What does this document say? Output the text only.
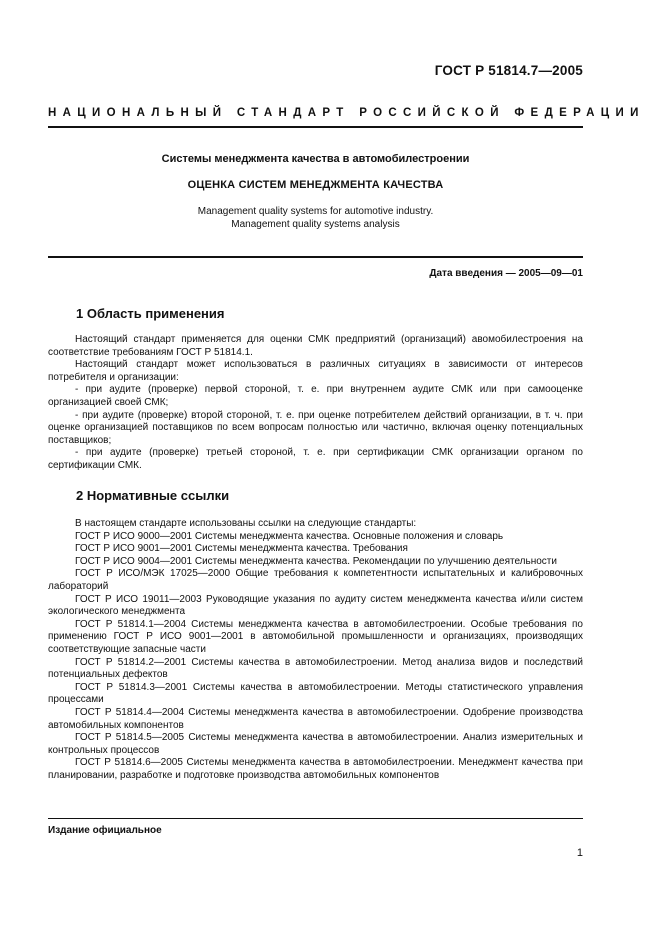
ГОСТ Р 51814.7—2005
НАЦИОНАЛЬНЫЙ СТАНДАРТ РОССИЙСКОЙ ФЕДЕРАЦИИ
Системы менеджмента качества в автомобилестроении
ОЦЕНКА СИСТЕМ МЕНЕДЖМЕНТА КАЧЕСТВА
Management quality systems for automotive industry.
Management quality systems analysis
Дата введения — 2005—09—01
1 Область применения

Настоящий стандарт применяется для оценки СМК предприятий (организаций) авомобилестроения на соответствие требованиям ГОСТ Р 51814.1.

Настоящий стандарт может использоваться в различных ситуациях в зависимости от интересов потребителя и организации:

- при аудите (проверке) первой стороной, т. е. при внутреннем аудите СМК или при самооценке организацией своей СМК;

- при аудите (проверке) второй стороной, т. е. при оценке потребителем действий организации, в т. ч. при оценке организацией поставщиков по всем вопросам полностью или частично, включая оценку потенциальных поставщиков;

- при аудите (проверке) третьей стороной, т. е. при сертификации СМК организации органом по сертификации СМК.

2 Нормативные ссылки

В настоящем стандарте использованы ссылки на следующие стандарты:

ГОСТ Р ИСО 9000—2001 Системы менеджмента качества. Основные положения и словарь

ГОСТ Р ИСО 9001—2001 Системы менеджмента качества. Требования

ГОСТ Р ИСО 9004—2001 Системы менеджмента качества. Рекомендации по улучшению деятельности

ГОСТ Р ИСО/МЭК 17025—2000 Общие требования к компетентности испытательных и калибровочных лабораторий

ГОСТ Р ИСО 19011—2003 Руководящие указания по аудиту систем менеджмента качества и/или систем экологического менеджмента

ГОСТ Р 51814.1—2004 Системы менеджмента качества в автомобилестроении. Особые требования по применению ГОСТ Р ИСО 9001—2001 в автомобильной промышленности и организациях, производящих соответствующие запасные части

ГОСТ Р 51814.2—2001 Системы качества в автомобилестроении. Метод анализа видов и последствий потенциальных дефектов

ГОСТ Р 51814.3—2001 Системы качества в автомобилестроении. Методы статистического управления процессами

ГОСТ Р 51814.4—2004 Системы менеджмента качества в автомобилестроении. Одобрение производства автомобильных компонентов

ГОСТ Р 51814.5—2005 Системы менеджмента качества в автомобилестроении. Анализ измерительных и контрольных процессов

ГОСТ Р 51814.6—2005 Системы менеджмента качества в автомобилестроении. Менеджмент качества при планировании, разработке и подготовке производства автомобильных компонентов

Издание официальное
1
